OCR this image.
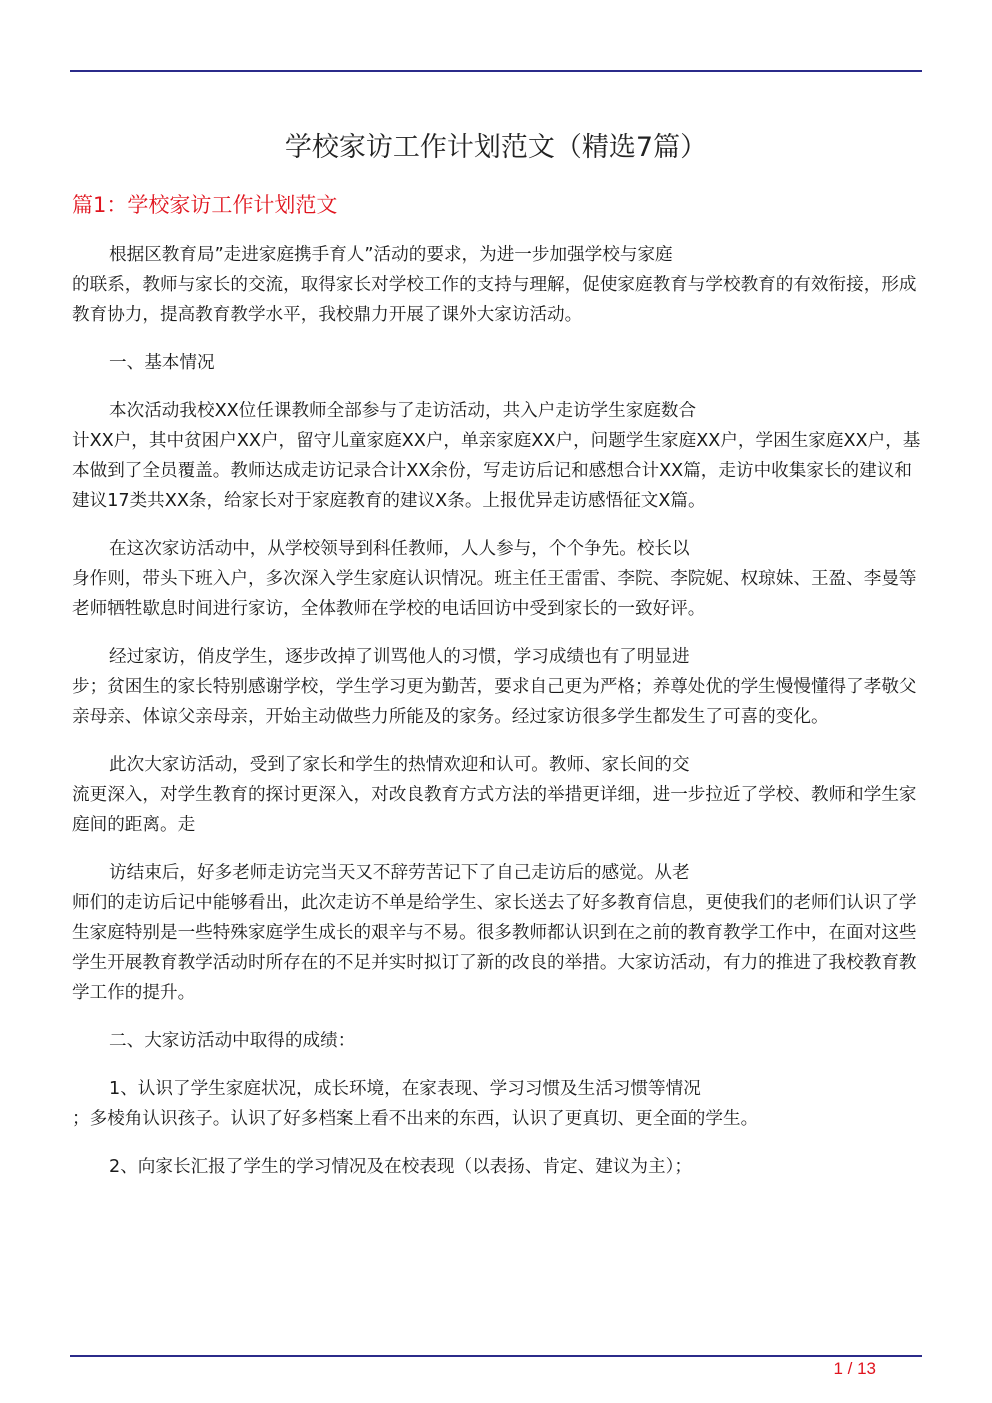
学校家访工作计划范文（精选7篇）
篇1：学校家访工作计划范文

根据区教育局”走进家庭携手育人”活动的要求，为进一步加强学校与家庭
的联系，教师与家长的交流，取得家长对学校工作的支持与理解，促使家庭教育与学校教育的有效衔接，形成教育协力，提高教育教学水平，我校鼎力开展了课外大家访活动。

一、基本情况

本次活动我校XX位任课教师全部参与了走访活动，共入户走访学生家庭数合
计XX户，其中贫困户XX户，留守儿童家庭XX户，单亲家庭XX户，问题学生家庭XX户，学困生家庭XX户，基本做到了全员覆盖。教师达成走访记录合计XX余份，写走访后记和感想合计XX篇，走访中收集家长的建议和建议17类共XX条，给家长对于家庭教育的建议X条。上报优异走访感悟征文X篇。

在这次家访活动中，从学校领导到科任教师，人人参与，个个争先。校长以
身作则，带头下班入户，多次深入学生家庭认识情况。班主任王雷雷、李院、李院妮、权琼妹、王盈、李曼等老师牺牲歇息时间进行家访，全体教师在学校的电话回访中受到家长的一致好评。

经过家访，俏皮学生，逐步改掉了训骂他人的习惯，学习成绩也有了明显进
步；贫困生的家长特别感谢学校，学生学习更为勤苦，要求自己更为严格；养尊处优的学生慢慢懂得了孝敬父亲母亲、体谅父亲母亲，开始主动做些力所能及的家务。经过家访很多学生都发生了可喜的变化。

此次大家访活动，受到了家长和学生的热情欢迎和认可。教师、家长间的交
流更深入，对学生教育的探讨更深入，对改良教育方式方法的举措更详细，进一步拉近了学校、教师和学生家庭间的距离。走

访结束后，好多老师走访完当天又不辞劳苦记下了自己走访后的感觉。从老
师们的走访后记中能够看出，此次走访不单是给学生、家长送去了好多教育信息，更使我们的老师们认识了学生家庭特别是一些特殊家庭学生成长的艰辛与不易。很多教师都认识到在之前的教育教学工作中，在面对这些学生开展教育教学活动时所存在的不足并实时拟订了新的改良的举措。大家访活动，有力的推进了我校教育教学工作的提升。

二、大家访活动中取得的成绩：

1、认识了学生家庭状况，成长环境，在家表现、学习习惯及生活习惯等情况
；多棱角认识孩子。认识了好多档案上看不出来的东西，认识了更真切、更全面的学生。

2、向家长汇报了学生的学习情况及在校表现（以表扬、肯定、建议为主）；

1 / 13
